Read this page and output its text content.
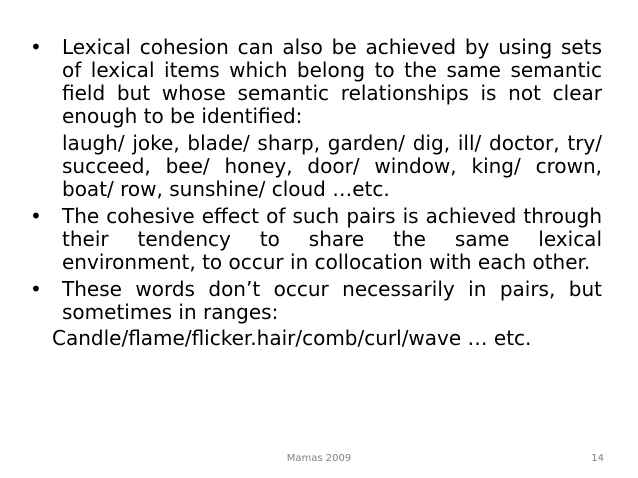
• Lexical cohesion can also be achieved by using sets of lexical items which belong to the same semantic field but whose semantic relationships is not clear enough to be identified:
laugh/ joke, blade/ sharp, garden/ dig, ill/ doctor, try/ succeed, bee/ honey, door/ window, king/ crown, boat/ row, sunshine/ cloud …etc.
• The cohesive effect of such pairs is achieved through their tendency to share the same lexical environment, to occur in collocation with each other.
• These words don’t occur necessarily in pairs, but sometimes in ranges:
Candle/flame/flicker.hair/comb/curl/wave … etc.
Mamas 2009	14
